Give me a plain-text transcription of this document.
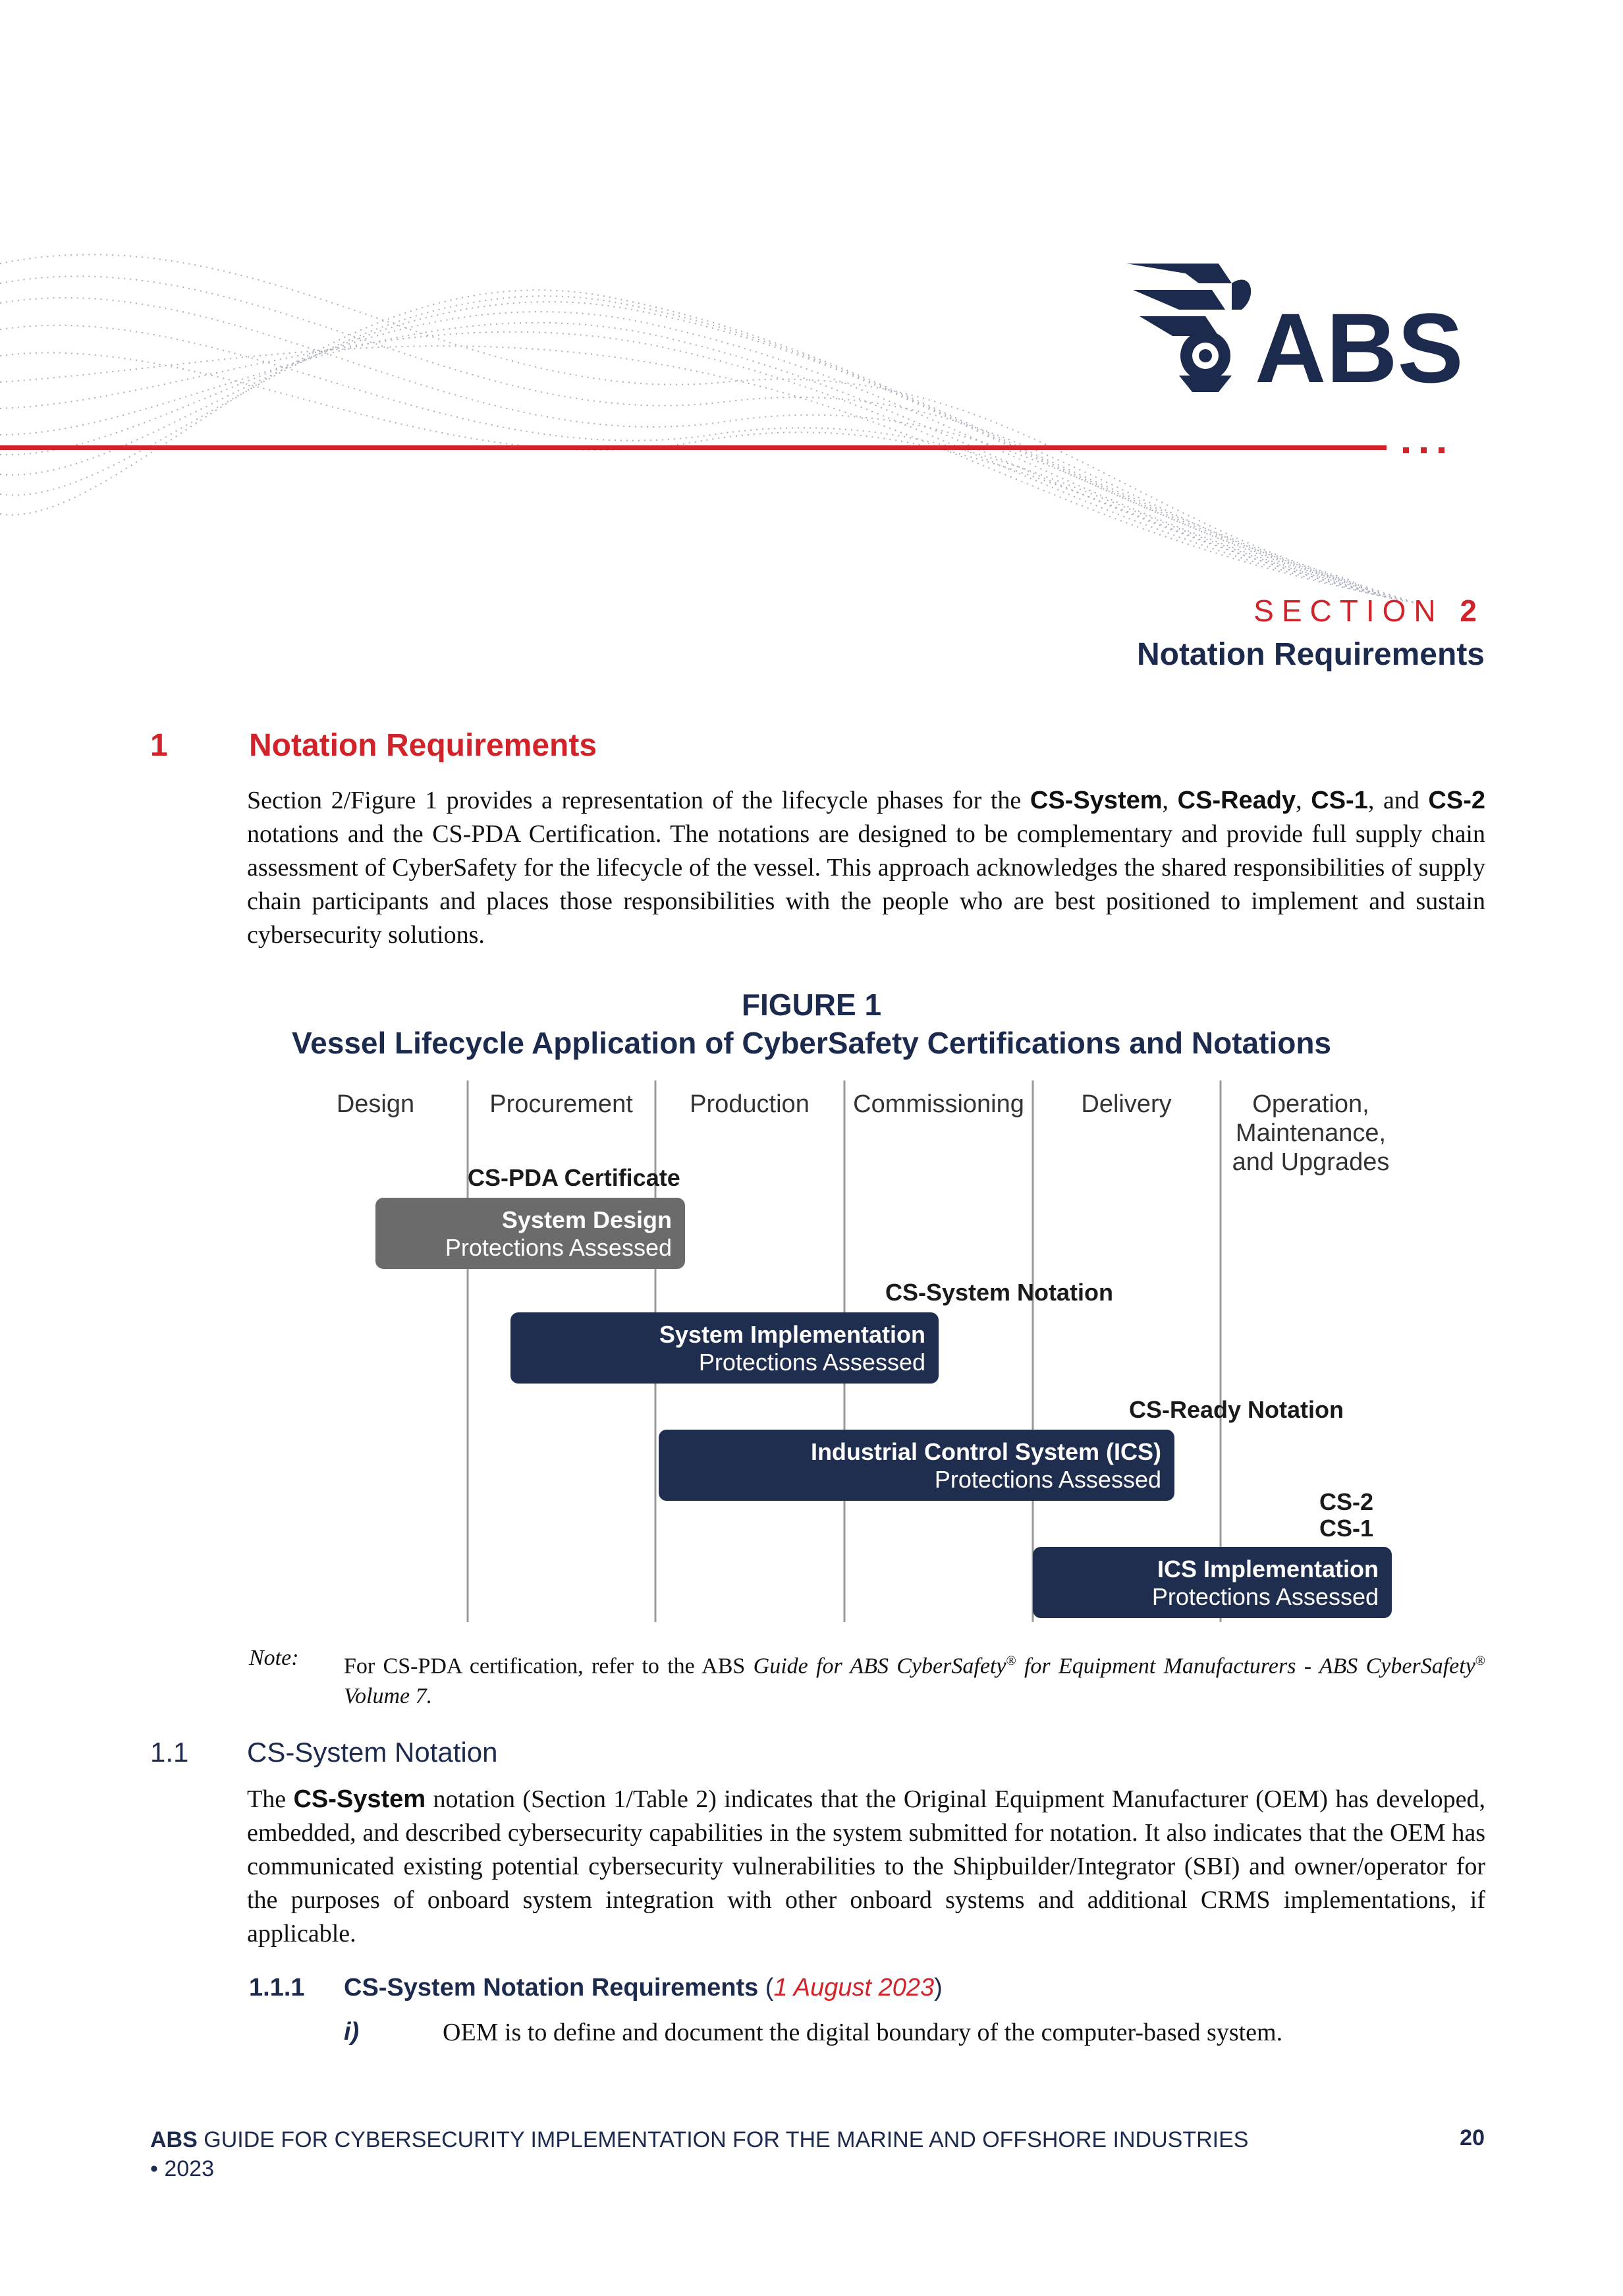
ABS
SECTION 2
Notation Requirements
1	Notation Requirements
Section 2/Figure 1 provides a representation of the lifecycle phases for the CS-System, CS-Ready, CS-1, and CS-2 notations and the CS-PDA Certification. The notations are designed to be complementary and provide full supply chain assessment of CyberSafety for the lifecycle of the vessel. This approach acknowledges the shared responsibilities of supply chain participants and places those responsibilities with the people who are best positioned to implement and sustain cybersecurity solutions.
FIGURE 1
Vessel Lifecycle Application of CyberSafety Certifications and Notations
Design	Procurement Production Commissioning Delivery	Operation,
Maintenance,
and Upgrades
CS-PDA Certificate
System Design
Protections Assessed
CS-System Notation
System Implementation
Protections Assessed
CS-Ready Notation
Industrial Control System (ICS)
Protections Assessed
CS-2
CS-1
ICS Implementation
Protections Assessed
Note: For CS-PDA certification, refer to the ABS Guide for ABS CyberSafety® for Equipment Manufacturers - ABS CyberSafety® Volume 7.
1.1 CS-System Notation
The CS-System notation (Section 1/Table 2) indicates that the Original Equipment Manufacturer (OEM) has developed, embedded, and described cybersecurity capabilities in the system submitted for notation. It also indicates that the OEM has communicated existing potential cybersecurity vulnerabilities to the Shipbuilder/Integrator (SBI) and owner/operator for the purposes of onboard system integration with other onboard systems and additional CRMS implementations, if applicable.
1.1.1 CS-System Notation Requirements (1 August 2023)
i)	OEM is to define and document the digital boundary of the computer-based system.
ABS GUIDE FOR CYBERSECURITY IMPLEMENTATION FOR THE MARINE AND OFFSHORE INDUSTRIES
• 2023
20
